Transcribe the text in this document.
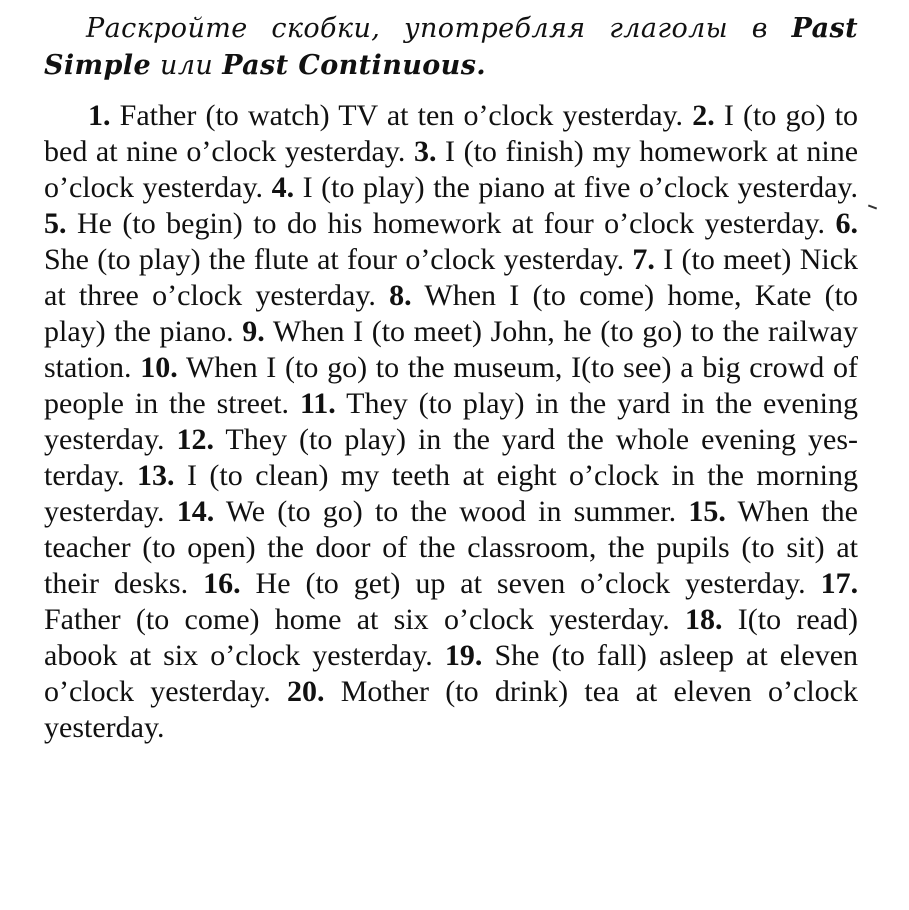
Раскройте скобки, употребляя глаголы в Past Simple или Past Continuous.

1. Father (to watch) TV at ten o’clock yesterday. 2. I (to go) to bed at nine o’clock yesterday. 3. I (to finish) my homework at nine o’clock yesterday. 4. I (to play) the piano at five o’clock yesterday. 5. He (to begin) to do his homework at four o’clock yesterday. 6. She (to play) the flute at four o’clock yesterday. 7. I (to meet) Nick at three o’clock yesterday. 8. When I (to come) home, Kate (to play) the piano. 9. When I (to meet) John, he (to go) to the railway station. 10. When I (to go) to the museum, I(to see) a big crowd of people in the street. 11. They (to play) in the yard in the evening yesterday. 12. They (to play) in the yard the whole evening yesterday. 13. I (to clean) my teeth at eight o’clock in the morning yesterday. 14. We (to go) to the wood in summer. 15. When the teacher (to open) the door of the classroom, the pupils (to sit) at their desks. 16. He (to get) up at seven o’clock yesterday. 17. Father (to come) home at six o’clock yesterday. 18. I(to read) abook at six o’clock yesterday. 19. She (to fall) asleep at eleven o’clock yesterday. 20. Mother (to drink) tea at eleven o’clock yesterday.
